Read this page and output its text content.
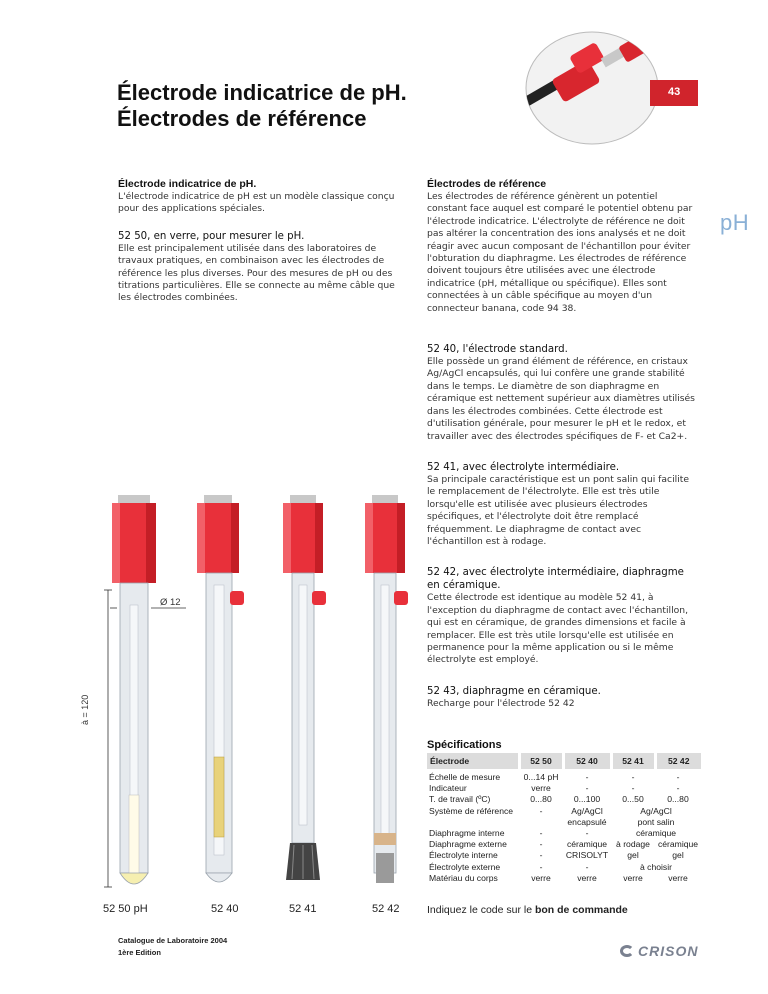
Électrode indicatrice de pH.
Électrodes de référence
43
pH
Électrode indicatrice de pH.
L'électrode indicatrice de pH est un modèle classique conçu pour des applications spéciales.
52 50, en verre, pour mesurer le pH.
Elle est principalement utilisée dans des laboratoires de travaux pratiques, en combinaison avec les électrodes de référence les plus diverses. Pour des mesures de pH ou des titrations particulières. Elle se connecte au même câble que les électrodes combinées.
Électrodes de référence
Les électrodes de référence génèrent un potentiel constant face auquel est comparé le potentiel obtenu par l'électrode indicatrice. L'électrolyte de référence ne doit pas altérer la concentration des ions analysés et ne doit réagir avec aucun composant de l'échantillon pour éviter l'obturation du diaphragme. Les électrodes de référence doivent toujours être utilisées avec une électrode indicatrice (pH, métallique ou spécifique). Elles sont connectées à un câble spécifique au moyen d'un connecteur banana, code 94 38.
52 40, l'électrode standard.
Elle possède un grand élément de référence, en cristaux Ag/AgCl encapsulés, qui lui confère une grande stabilité dans le temps. Le diamètre de son diaphragme en céramique est nettement supérieur aux diamètres utilisés dans les électrodes combinées. Cette électrode est d'utilisation générale, pour mesurer le pH et le redox, et travailler avec des électrodes spécifiques de F- et Ca2+.
52 41, avec électrolyte intermédiaire.
Sa principale caractéristique est un pont salin qui facilite le remplacement de l'électrolyte. Elle est très utile lorsqu'elle est utilisée avec plusieurs électrodes spécifiques, et l'électrolyte doit être remplacé fréquemment. Le diaphragme de contact avec l'échantillon est à rodage.
52 42, avec électrolyte intermédiaire, diaphragme en céramique.
Cette électrode est identique au modèle 52 41, à l'exception du diaphragme de contact avec l'échantillon, qui est en céramique, de grandes dimensions et facile à remplacer. Elle est très utile lorsqu'elle est utilisée en permanence pour la même application ou si le même électrolyte est employé.
52 43, diaphragme en céramique.
Recharge pour l'électrode 52 42
à = 120
Ø 12
52 50 pH	52 40	52 41	52 42
Spécifications
Électrode	52 50	52 40	52 41	52 42
Échelle de mesure	0...14 pH	-	-	-
Indicateur	verre	-	-	-
T. de travail (ºC)	0...80	0...100	0...50	0...80
Système de référence	-	Ag/AgCl	Ag/AgCl	
		encapsulé	pont salin	
Diaphragme interne	-	-	céramique	
Diaphragme externe	-	céramique	à rodage	céramique
Électrolyte interne	-	CRISOLYT	gel	gel
Électrolyte externe	-	-	à choisir	
Matériau du corps	verre	verre	verre	verre
Indiquez le code sur le bon de commande
Catalogue de Laboratoire 2004
1ère Edition	CRISON
